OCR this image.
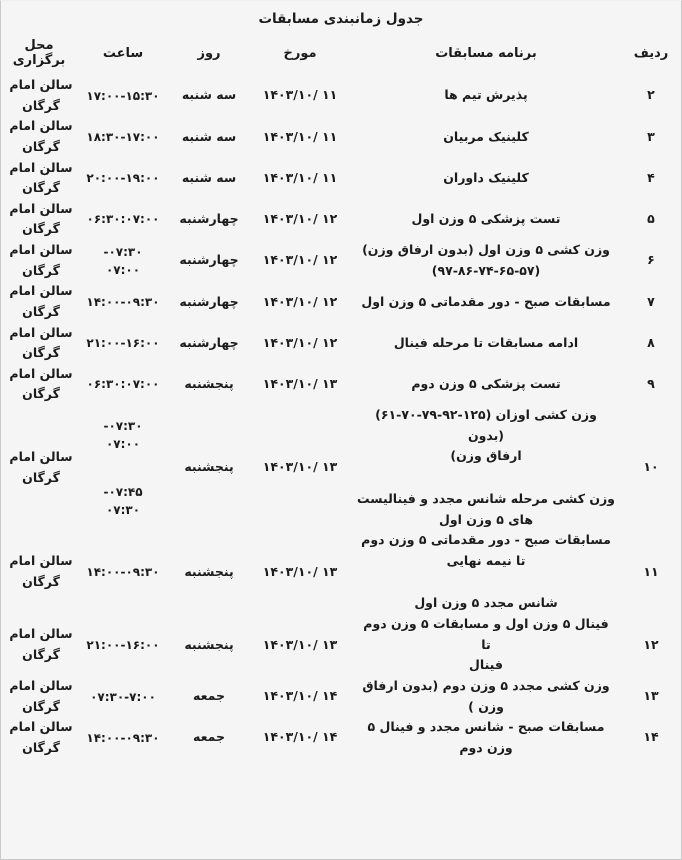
جدول زمانبندی مسابقات
ردیف	برنامه مسابقات	مورخ	روز	ساعت	محل برگزاری
۲	پذیرش تیم ها	۱۱ /۱۴۰۳/۱۰	سه شنبه	۱۷:۰۰-۱۵:۳۰	سالن امام گرگان
۳	کلینیک مربیان	۱۱ /۱۴۰۳/۱۰	سه شنبه	۱۸:۳۰-۱۷:۰۰	سالن امام گرگان
۴	کلینیک داوران	۱۱ /۱۴۰۳/۱۰	سه شنبه	۲۰:۰۰-۱۹:۰۰	سالن امام گرگان
۵	تست پزشکی ۵ وزن اول	۱۲ /۱۴۰۳/۱۰	چهارشنبه	۰۶:۳۰:۰۷:۰۰	سالن امام گرگان
۶	وزن کشی ۵ وزن اول (بدون ارفاق وزن)
(۹۷-۸۶-۷۴-۶۵-۵۷)	۱۲ /۱۴۰۳/۱۰	چهارشنبه	۰۷:۳۰-
۰۷:۰۰	سالن امام گرگان
۷	مسابقات صبح - دور مقدماتی ۵ وزن اول	۱۲ /۱۴۰۳/۱۰	چهارشنبه	۱۴:۰۰-۰۹:۳۰	سالن امام گرگان
۸	ادامه مسابقات تا مرحله فینال	۱۲ /۱۴۰۳/۱۰	چهارشنبه	۲۱:۰۰-۱۶:۰۰	سالن امام گرگان
۹	تست پزشکی ۵ وزن دوم	۱۳ /۱۴۰۳/۱۰	پنجشنبه	۰۶:۳۰:۰۷:۰۰	سالن امام گرگان
۱۰	وزن کشی اوزان (۱۲۵-۹۲-۷۹-۷۰-۶۱) (بدون
ارفاق وزن)
وزن کشی مرحله شانس مجدد و فینالیست
های ۵ وزن اول	۱۳ /۱۴۰۳/۱۰	پنجشنبه	۰۷:۳۰-
۰۷:۰۰
۰۷:۴۵-
۰۷:۳۰	سالن امام گرگان
۱۱	مسابقات صبح - دور مقدماتی ۵ وزن دوم
تا نیمه نهایی
شانس مجدد ۵ وزن اول	۱۳ /۱۴۰۳/۱۰	پنجشنبه	۱۴:۰۰-۰۹:۳۰	سالن امام گرگان
۱۲	فینال ۵ وزن اول و مسابقات ۵ وزن دوم تا
فینال	۱۳ /۱۴۰۳/۱۰	پنجشنبه	۲۱:۰۰-۱۶:۰۰	سالن امام گرگان
۱۳	وزن کشی مجدد ۵ وزن دوم (بدون ارفاق
وزن )	۱۴ /۱۴۰۳/۱۰	جمعه	۰۷:۳۰-۷:۰۰	سالن امام گرگان
۱۴	مسابقات صبح - شانس مجدد و فینال ۵
وزن دوم	۱۴ /۱۴۰۳/۱۰	جمعه	۱۴:۰۰-۰۹:۳۰	سالن امام گرگان
